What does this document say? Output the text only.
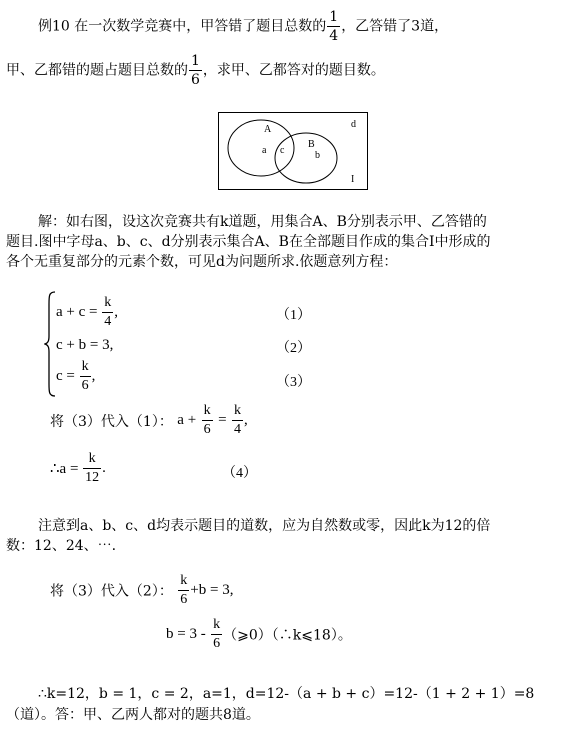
例10 在一次数学竞赛中，甲答错了题目总数的 $\frac{1}{4}$ ，乙答错了3道，
甲、乙都错的题占题目总数的 $\frac{1}{6}$ ，求甲、乙都答对的题目数。
A
a c
B
b
d
I
解：如右图，设这次竞赛共有k道题，用集合A、B分别表示甲、乙答错的
题目.图中字母a、b、c、d分别表示集合A、B在全部题目作成的集合I中形成的
各个无重复部分的元素个数，可见d为问题所求.依题意列方程：
$a + c = \frac{k}{4}$ ,	（1）
c + b = 3,	（2）
$c = \frac{k}{6}$ ,	（3）
将（3）代入（1）： $a + \frac{k}{6} = \frac{k}{4}$ ,
∴a = $\frac{k}{12}$ .	（4）
注意到a、b、c、d均表示题目的道数，应为自然数或零，因此k为12的倍
数：12、24、⋯.
将（3）代入（2）： $\frac{k}{6} +b = 3$,
$b = 3 - \frac{k}{6}$ （⩾0）（∴k⩽18）。
∴k=12，b = 1，c = 2，a=1，d=12-（a + b + c）=12-（1 + 2 + 1）=8
（道）。答：甲、乙两人都对的题共8道。
